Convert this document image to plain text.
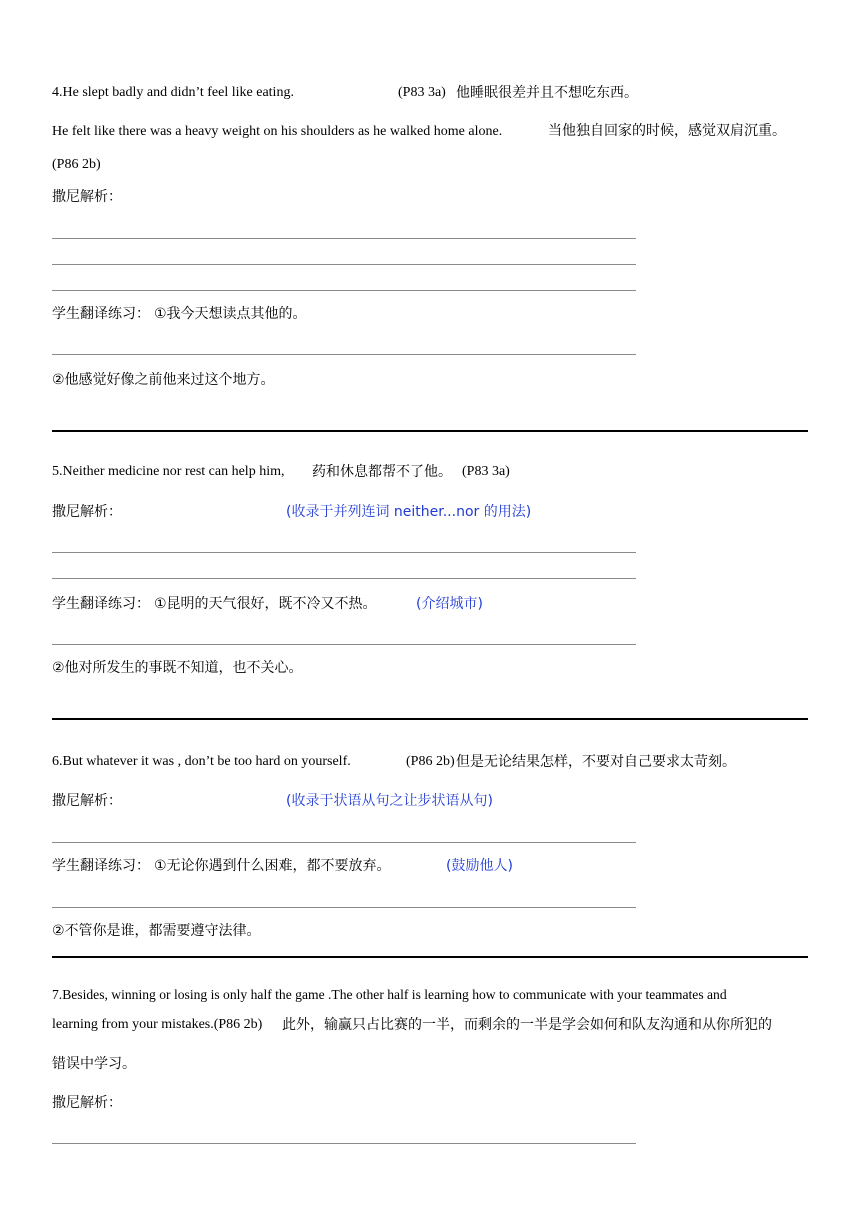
4.He slept badly and didn’t feel like eating.	(P83 3a) 他睡眠很差并且不想吃东西。
He felt like there was a heavy weight on his shoulders as he walked home alone.	当他独自回家的时候，感觉双肩沉重。
(P86 2b)
撒尼解析：
学生翻译练习： ①我今天想读点其他的。
②他感觉好像之前他来过这个地方。
5.Neither medicine nor rest can help him, 药和休息都帮不了他。 (P83 3a)
撒尼解析：	(收录于并列连词 neither...nor 的用法)
学生翻译练习： ①昆明的天气很好，既不冷又不热。	(介绍城市)
②他对所发生的事既不知道，也不关心。
6.But whatever it was , don’t be too hard on yourself.	(P86 2b) 但是无论结果怎样，不要对自己要求太苛刻。
撒尼解析：	(收录于状语从句之让步状语从句)
学生翻译练习： ①无论你遇到什么困难，都不要放弃。	(鼓励他人)
②不管你是谁，都需要遵守法律。
7.Besides, winning or losing is only half the game .The other half is learning how to communicate with your teammates and
learning from your mistakes.(P86 2b) 此外，输赢只占比赛的一半，而剩余的一半是学会如何和队友沟通和从你所犯的
错误中学习。
撒尼解析：
